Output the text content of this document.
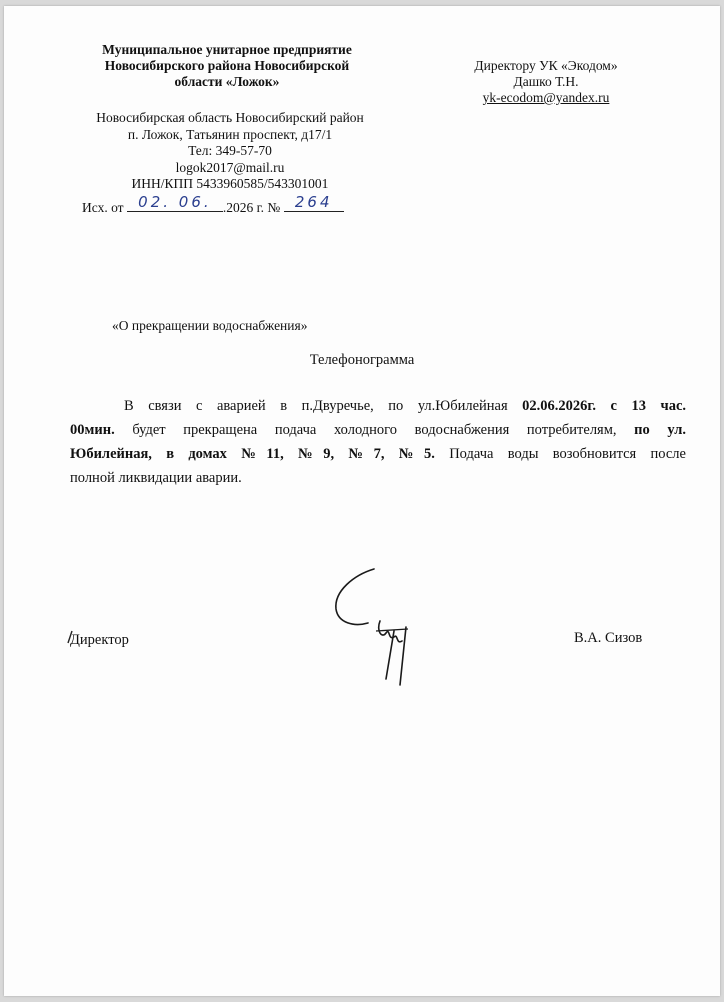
Муниципальное унитарное предприятие
Новосибирского района Новосибирской
области «Ложок»
Новосибирская область Новосибирский район
п. Ложок, Татьянин проспект, д17/1
Тел: 349-57-70
logok2017@mail.ru
ИНН/КПП 5433960585/543301001
Исх. от 02. 06. .2026 г. № 264
Директору УК «Экодом»
Дашко Т.Н.
yk-ecodom@yandex.ru
«О прекращении водоснабжения»
Телефонограмма
В связи с аварией в п.Двуречье, по ул.Юбилейная 02.06.2026г. с 13 час.
00мин. будет прекращена подача холодного водоснабжения потребителям, по ул.
Юбилейная, в домах №11, №9, №7, №5. Подача воды возобновится после
полной ликвидации аварии.
Директор	В.А. Сизов
